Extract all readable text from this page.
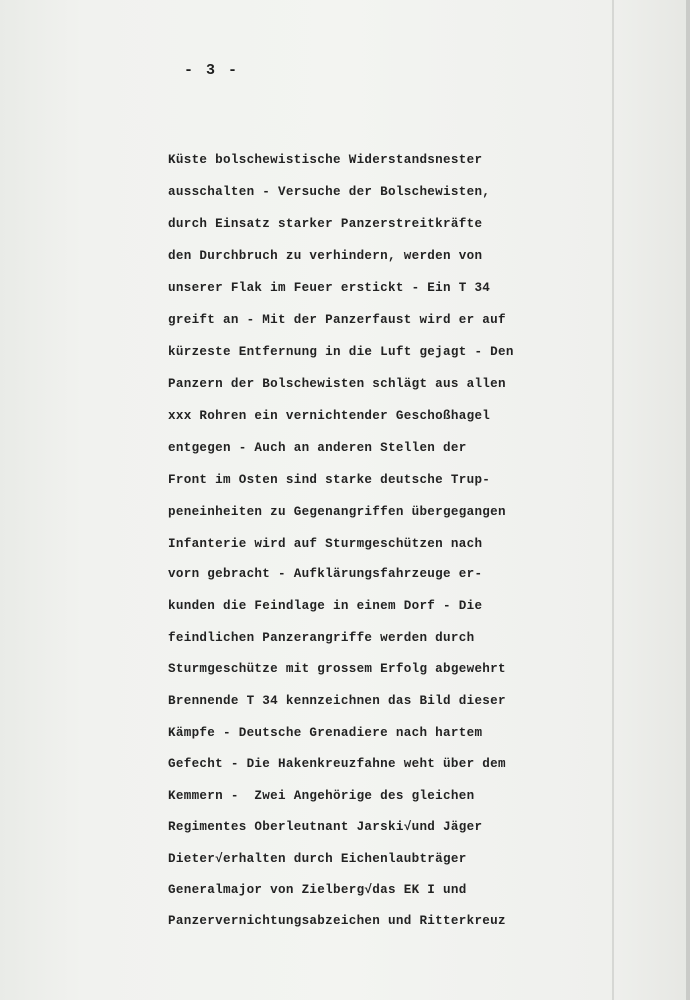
- 3 -
Küste bolschewistische Widerstandsnester
ausschalten - Versuche der Bolschewisten,
durch Einsatz starker Panzerstreitkräfte
den Durchbruch zu verhindern, werden von
unserer Flak im Feuer erstickt - Ein T 34
greift an - Mit der Panzerfaust wird er auf
kürzeste Entfernung in die Luft gejagt - Den
Panzern der Bolschewisten schlägt aus allen
xxx Rohren ein vernichtender Geschoßhagel
entgegen - Auch an anderen Stellen der
Front im Osten sind starke deutsche Trup-
peneinheiten zu Gegenangriffen übergegangen
Infanterie wird auf Sturmgeschützen nach
vorn gebracht - Aufklärungsfahrzeuge er-
kunden die Feindlage in einem Dorf - Die
feindlichen Panzerangriffe werden durch
Sturmgeschütze mit grossem Erfolg abgewehrt
Brennende T 34 kennzeichnen das Bild dieser
Kämpfe - Deutsche Grenadiere nach hartem
Gefecht - Die Hakenkreuzfahne weht über dem
Kemmern -  Zwei Angehörige des gleichen
Regimentes Oberleutnant Jarski√und Jäger
Dieter√erhalten durch Eichenlaubträger
Generalmajor von Zielberg√das EK I und
Panzervernichtungsabzeichen und Ritterkreuz
